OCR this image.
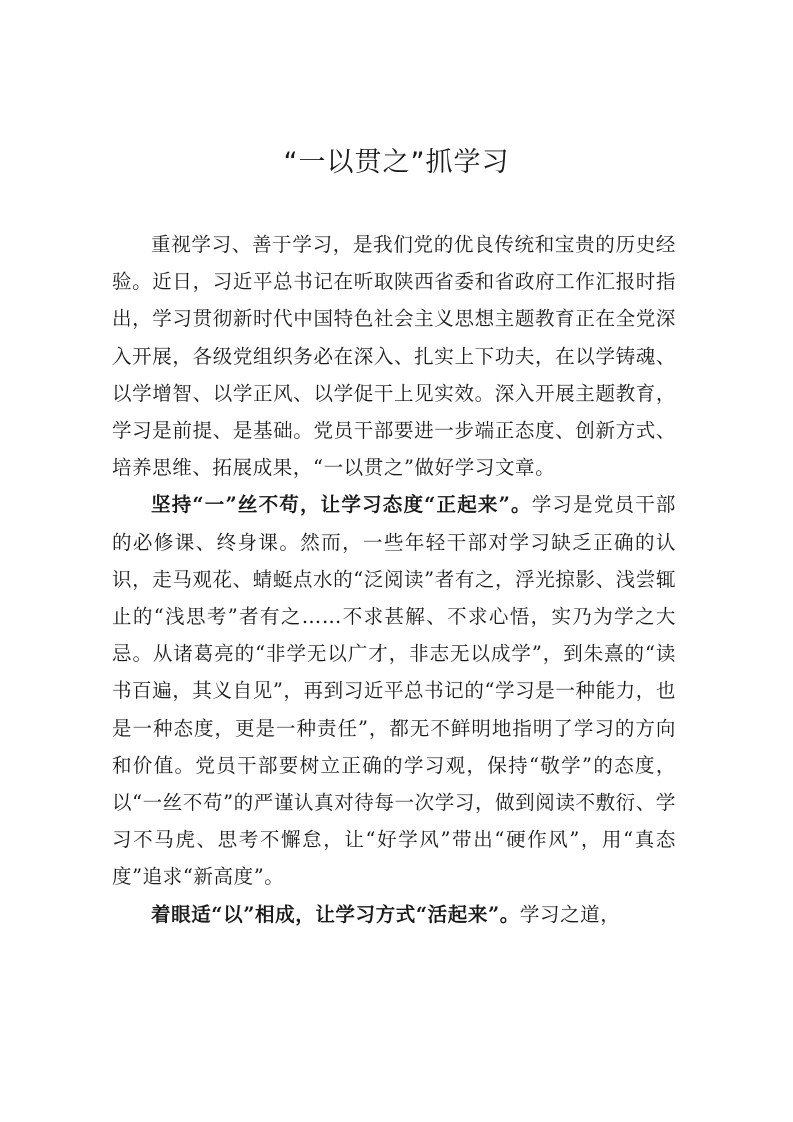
“一以贯之”抓学习

重视学习、善于学习，是我们党的优良传统和宝贵的历史经验。近日，习近平总书记在听取陕西省委和省政府工作汇报时指出，学习贯彻新时代中国特色社会主义思想主题教育正在全党深入开展，各级党组织务必在深入、扎实上下功夫，在以学铸魂、以学增智、以学正风、以学促干上见实效。深入开展主题教育，学习是前提、是基础。党员干部要进一步端正态度、创新方式、培养思维、拓展成果，“一以贯之”做好学习文章。

坚持“一”丝不苟，让学习态度“正起来”。学习是党员干部的必修课、终身课。然而，一些年轻干部对学习缺乏正确的认识，走马观花、蜻蜓点水的“泛阅读”者有之，浮光掠影、浅尝辄止的“浅思考”者有之……不求甚解、不求心悟，实乃为学之大忌。从诸葛亮的“非学无以广才，非志无以成学”，到朱熹的“读书百遍，其义自见”，再到习近平总书记的“学习是一种能力，也是一种态度，更是一种责任”，都无不鲜明地指明了学习的方向和价值。党员干部要树立正确的学习观，保持“敬学”的态度，以“一丝不苟”的严谨认真对待每一次学习，做到阅读不敷衍、学习不马虎、思考不懈怠，让“好学风”带出“硬作风”，用“真态度”追求“新高度”。

着眼适“以”相成，让学习方式“活起来”。学习之道，
